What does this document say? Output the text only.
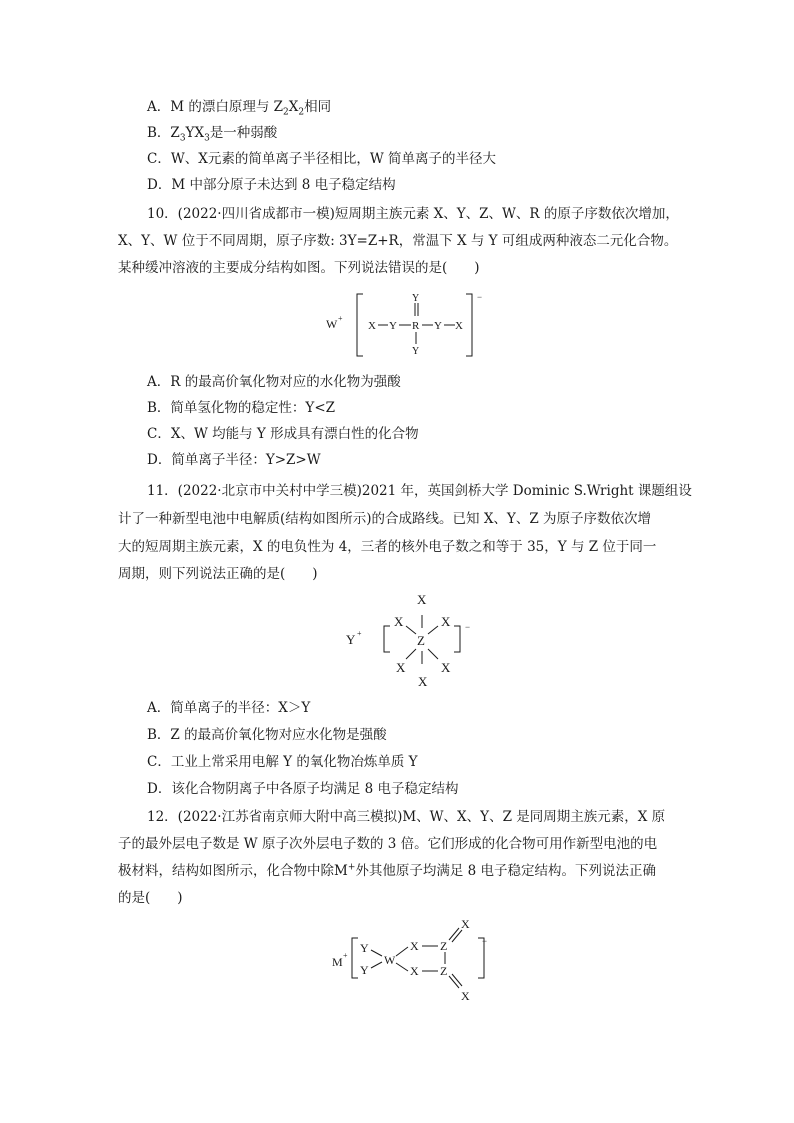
A．M 的漂白原理与 $Z_2X_2$相同
B．$Z_3YX_3$是一种弱酸
C．W、X元素的简单离子半径相比，W 简单离子的半径大
D．M 中部分原子未达到 8 电子稳定结构
10．(2022·四川省成都市一模)短周期主族元素 X、Y、Z、W、R 的原子序数依次增加，
X、Y、W 位于不同周期，原子序数: 3Y=Z+R，常温下 X 与 Y 可组成两种液态二元化合物。
某种缓冲溶液的主要成分结构如图。下列说法错误的是(　　)
W +
−
X Y R
Y
Y
Y X
A．R 的最高价氧化物对应的水化物为强酸
B．简单氢化物的稳定性：Y<Z
C．X、W 均能与 Y 形成具有漂白性的化合物
D．简单离子半径：Y>Z>W
11．(2022·北京市中关村中学三模)2021 年，英国剑桥大学 Dominic S.Wright 课题组设
计了一种新型电池中电解质(结构如图所示)的合成路线。已知 X、Y、Z 为原子序数依次增
大的短周期主族元素，X 的电负性为 4，三者的核外电子数之和等于 35，Y 与 Z 位于同一
周期，则下列说法正确的是(　　)
Y +
−
Z
X
X	X
X	X
X
A．简单离子的半径：X＞Y
B．Z 的最高价氧化物对应水化物是强酸
C．工业上常采用电解 Y 的氧化物冶炼单质 Y
D．该化合物阴离子中各原子均满足 8 电子稳定结构
12．(2022·江苏省南京师大附中高三模拟)M、W、X、Y、Z 是同周期主族元素，X 原
子的最外层电子数是 W 原子次外层电子数的 3 倍。它们形成的化合物可用作新型电池的电
极材料，结构如图所示，化合物中除M+外其他原子均满足 8 电子稳定结构。下列说法正确
的是(　　)
M +
−
Y
Y
W
X
X
Z
Z
X
X
